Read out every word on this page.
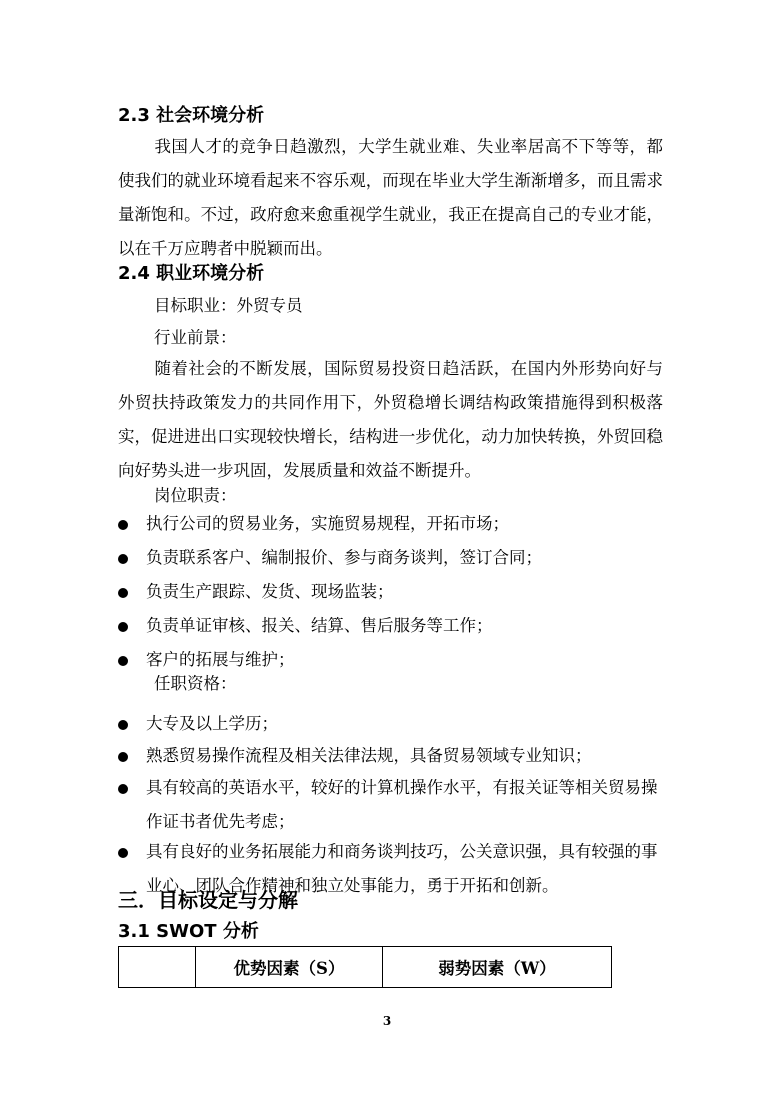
2.3 社会环境分析
我国人才的竞争日趋激烈，大学生就业难、失业率居高不下等等，都使我们的就业环境看起来不容乐观，而现在毕业大学生渐渐增多，而且需求量渐饱和。不过，政府愈来愈重视学生就业，我正在提高自己的专业才能，以在千万应聘者中脱颖而出。
2.4 职业环境分析
目标职业：外贸专员
行业前景：
随着社会的不断发展，国际贸易投资日趋活跃，在国内外形势向好与外贸扶持政策发力的共同作用下，外贸稳增长调结构政策措施得到积极落实，促进进出口实现较快增长，结构进一步优化，动力加快转换，外贸回稳向好势头进一步巩固，发展质量和效益不断提升。
岗位职责：
执行公司的贸易业务，实施贸易规程，开拓市场；
负责联系客户、编制报价、参与商务谈判，签订合同；
负责生产跟踪、发货、现场监装；
负责单证审核、报关、结算、售后服务等工作；
客户的拓展与维护；
任职资格：
大专及以上学历；
熟悉贸易操作流程及相关法律法规，具备贸易领域专业知识；
具有较高的英语水平，较好的计算机操作水平，有报关证等相关贸易操作证书者优先考虑；
具有良好的业务拓展能力和商务谈判技巧，公关意识强，具有较强的事业心、团队合作精神和独立处事能力，勇于开拓和创新。
三．目标设定与分解
3.1 SWOT 分析
	优势因素（S）	弱势因素（W）
3
